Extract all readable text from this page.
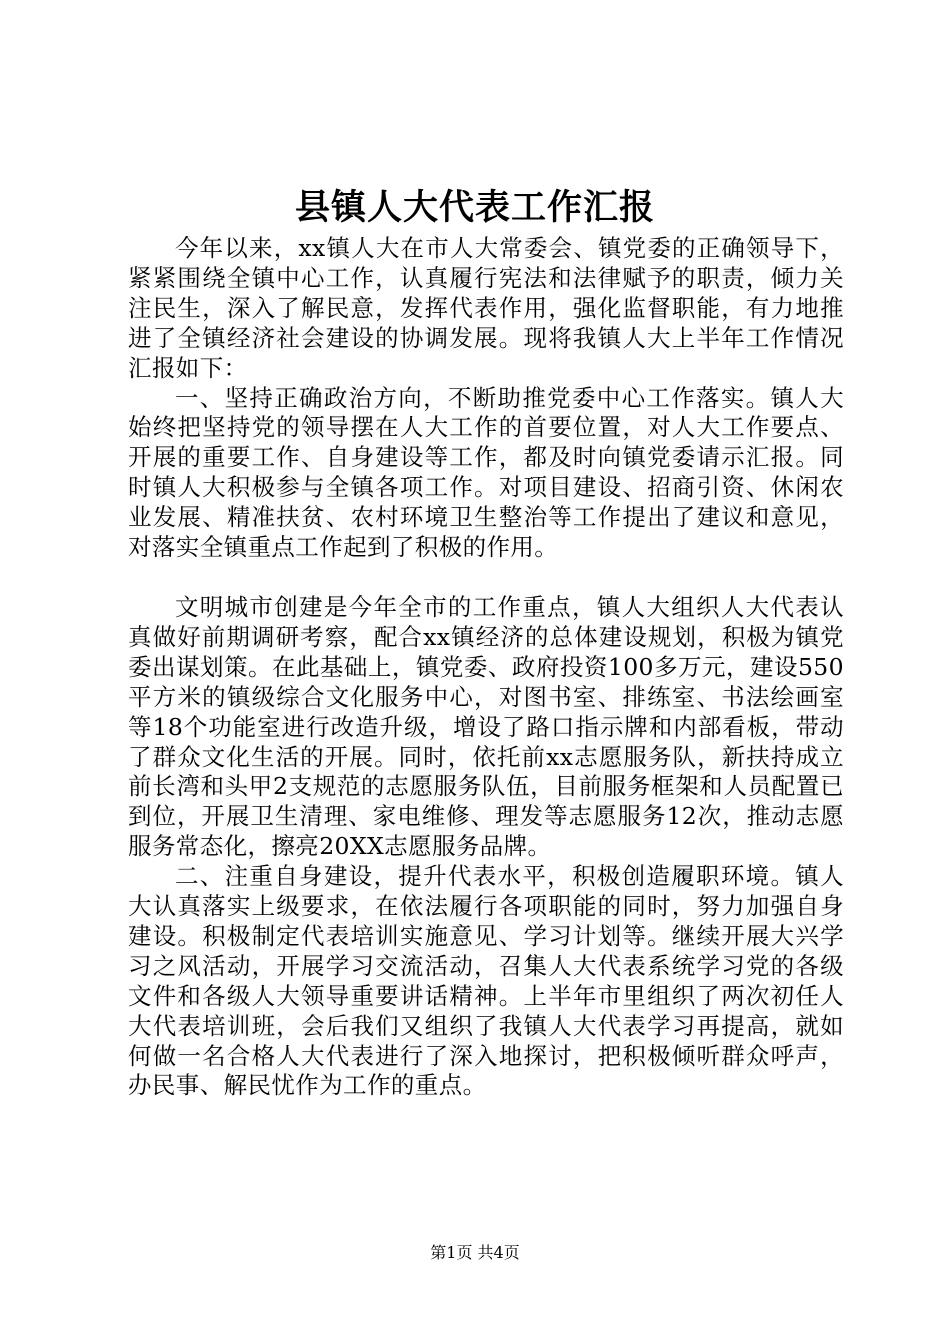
县镇人大代表工作汇报

今年以来，xx镇人大在市人大常委会、镇党委的正确领导下，紧紧围绕全镇中心工作，认真履行宪法和法律赋予的职责，倾力关注民生，深入了解民意，发挥代表作用，强化监督职能，有力地推进了全镇经济社会建设的协调发展。现将我镇人大上半年工作情况汇报如下：

一、坚持正确政治方向，不断助推党委中心工作落实。镇人大始终把坚持党的领导摆在人大工作的首要位置，对人大工作要点、开展的重要工作、自身建设等工作，都及时向镇党委请示汇报。同时镇人大积极参与全镇各项工作。对项目建设、招商引资、休闲农业发展、精准扶贫、农村环境卫生整治等工作提出了建议和意见，对落实全镇重点工作起到了积极的作用。

文明城市创建是今年全市的工作重点，镇人大组织人大代表认真做好前期调研考察，配合xx镇经济的总体建设规划，积极为镇党委出谋划策。在此基础上，镇党委、政府投资100多万元，建设550平方米的镇级综合文化服务中心，对图书室、排练室、书法绘画室等18个功能室进行改造升级，增设了路口指示牌和内部看板，带动了群众文化生活的开展。同时，依托前xx志愿服务队，新扶持成立前长湾和头甲2支规范的志愿服务队伍，目前服务框架和人员配置已到位，开展卫生清理、家电维修、理发等志愿服务12次，推动志愿服务常态化，擦亮20XX志愿服务品牌。

二、注重自身建设，提升代表水平，积极创造履职环境。镇人大认真落实上级要求，在依法履行各项职能的同时，努力加强自身建设。积极制定代表培训实施意见、学习计划等。继续开展大兴学习之风活动，开展学习交流活动，召集人大代表系统学习党的各级文件和各级人大领导重要讲话精神。上半年市里组织了两次初任人大代表培训班，会后我们又组织了我镇人大代表学习再提高，就如何做一名合格人大代表进行了深入地探讨，把积极倾听群众呼声，办民事、解民忧作为工作的重点。

第1页 共4页
